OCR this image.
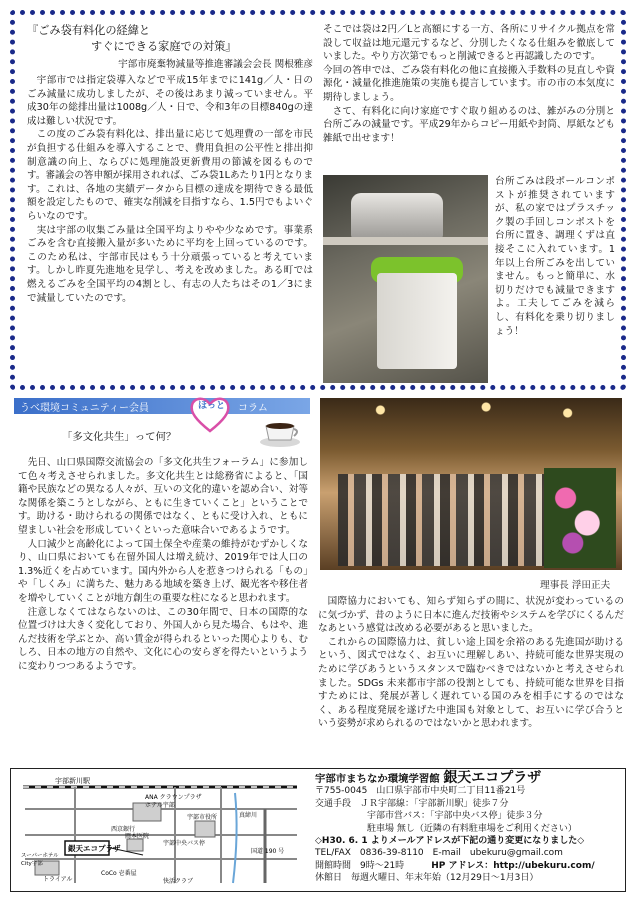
『ごみ袋有料化の経緯と
すぐにできる家庭での対策』
宇部市廃棄物減量等推進審議会会長 関根雅彦

宇部市では指定袋導入などで平成15年までに141g／人・日のごみ減量に成功しましたが、その後はあまり減っていません。平成30年の総排出量は1008g／人・日で、令和3年の目標840gの達成は難しい状況です。

この度のごみ袋有料化は、排出量に応じて処理費の一部を市民が負担する仕組みを導入することで、費用負担の公平性と排出抑制意識の向上、ならびに処理施設更新費用の節減を図るものです。審議会の答申額が採用されれば、ごみ袋1Lあたり1円となります。これは、各地の実績データから目標の達成を期待できる最低額を設定したもので、確実な削減を目指すなら、1.5円でもよいぐらいなのです。

実は宇部の収集ごみ量は全国平均よりやや少なめです。事業系ごみを含む直接搬入量が多いために平均を上回っているのです。このため私は、宇部市民はもう十分頑張っていると考えています。しかし昨夏先進地を見学し、考えを改めました。ある町では燃えるごみを全国平均の4割とし、有志の人たちはその1／3にまで減量していたのです。

そこでは袋は2円／Lと高額にする一方、各所にリサイクル拠点を常設して収益は地元還元するなど、分別したくなる仕組みを徹底していました。やり方次第でもっと削減できると再認識したのです。

今回の答申では、ごみ袋有料化の他に直接搬入手数料の見直しや資源化・減量化推進施策の実施も提言しています。市の市の本気度に期待しましょう。

さて、有料化に向け家庭ですぐ取り組めるのは、雑がみの分別と台所ごみの減量です。平成29年からコピー用紙や封筒、厚紙なども雑紙で出せます！

台所ごみは段ボールコンポストが推奨されていますが、私の家ではプラスチック製の手回しコンポストを台所に置き、調理くずは直接そこに入れています。1年以上台所ごみを出していません。もっと簡単に、水切りだけでも減量できますよ。工夫してごみを減らし、有料化を乗り切りましょう！

うべ環境コミュニティー会員	コラム
ほっと
「多文化共生」って何？

先日、山口県国際交流協会の「多文化共生フォーラム」に参加して色々考えさせられました。多文化共生とは総務省によると、「国籍や民族などの異なる人々が、互いの文化的違いを認め合い、対等な関係を築こうとしながら、ともに生きていくこと」ということです。助ける・助けられるの関係ではなく、ともに受け入れ、ともに望ましい社会を形成していくといった意味合いであるようです。

人口減少と高齢化によって国土保全や産業の維持がむずかしくなり、山口県においても在留外国人は増え続け、2019年では人口の1.3%近くを占めています。国内外から人を惹きつけられる「もの」や「しくみ」に満ちた、魅力ある地域を築き上げ、観光客や移住者を増やしていくことが地方創生の重要な柱になると思われます。

注意しなくてはならないのは、この30年間で、日本の国際的な位置づけは大きく変化しており、外国人から見た場合、もはや、進んだ技術を学ぶとか、高い賃金が得られるといった関心よりも、むしろ、日本の地方の自然や、文化に心の安らぎを得たいというように変わりつつあるようです。

理事長 浮田正夫

国際協力においても、知らず知らずの間に、状況が変わっているのに気づかず、昔のように日本に進んだ技術やシステムを学びにくるんだなあという感覚は改める必要があると思いました。

これからの国際協力は、貧しい途上国を余裕のある先進国が助けるという、図式ではなく、お互いに理解しあい、持続可能な世界実現のために学びあうというスタンスで臨むべきではないかと考えさせられました。SDGs 未来都市宇部の役割としても、持続可能な世界を目指すためには、発展が著しく遅れている国のみを相手にするのではなく、ある程度発展を遂げた中進国も対象として、お互いに学び合うという姿勢が求められるのではないかと思われます。

宇部新川駅
ANA クラウンプラザ
ホテル宇部
西京銀行
岡本医院
宇部中央バス停
宇部市役所	真締川
スーパーホテル
City宇部
銀天エコプラザ	国道 190 号
トライアル
CoCo 壱番屋
快活クラブ
宇部市まちなか環境学習館 銀天エコプラザ
〒755-0045　山口県宇部市中央町二丁目11番21号
交通手段　 ＪＲ宇部線：「宇部新川駅」徒歩７分
宇部市営バス：「宇部中央バス停」徒歩３分
駐車場 無し（近隣の有料駐車場をご利用ください）
◇H30. 6. 1 よりメールアドレスが下記の通り変更になりました◇
TEL/FAX　0836-39-8110　E-mail　ubekuru@gmail.com
開館時間　9時～21時　　　	HP アドレス：http://ubekuru.com/
休館日　毎週火曜日、年末年始（12月29日～1月3日）
